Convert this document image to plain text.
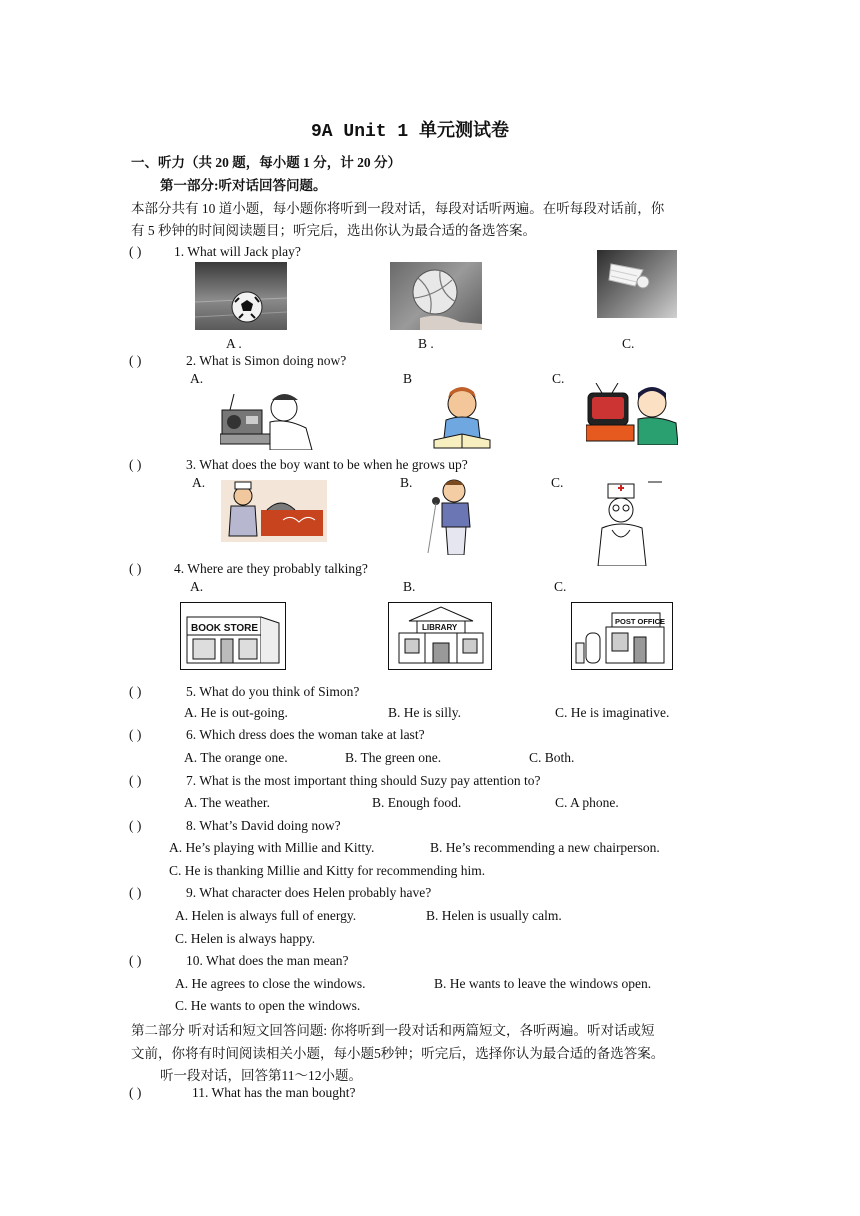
9A Unit 1 单元测试卷
一、听力（共 20 题，每小题 1 分，计 20 分）
第一部分:听对话回答问题。
本部分共有 10 道小题，每小题你将听到一段对话，每段对话听两遍。在听每段对话前，你
有 5 秒钟的时间阅读题目；听完后，选出你认为最合适的备选答案。
( ) 1. What will Jack play?
A .	B .	C.
( )	2. What is Simon doing now?
A.	B	C.
( )	3. What does the boy want to be when he grows up?
A.	B.	C.
( ) 4. Where are they probably talking?
A.	B.	C.
BOOK STORE	LIBRARY
POST OFFICE
( )	5. What do you think of Simon?
A. He is out-going.	B. He is silly.	C. He is imaginative.
( )	6. Which dress does the woman take at last?
A. The orange one.	B. The green one.	C. Both.
( )	7. What is the most important thing should Suzy pay attention to?
A. The weather.	B. Enough food.	C. A phone.
( )	8. What’s David doing now?
A. He’s playing with Millie and Kitty.	B. He’s recommending a new chairperson.
C. He is thanking Millie and Kitty for recommending him.
( )	9. What character does Helen probably have?
A. Helen is always full of energy.	B. Helen is usually calm.
C. Helen is always happy.
( )	10. What does the man mean?
A. He agrees to close the windows.	B. He wants to leave the windows open.
C. He wants to open the windows.
第二部分 听对话和短文回答问题: 你将听到一段对话和两篇短文，各听两遍。听对话或短
文前，你将有时间阅读相关小题，每小题5秒钟；听完后，选择你认为最合适的备选答案。
听一段对话，回答第11～12小题。
( )	11. What has the man bought?
